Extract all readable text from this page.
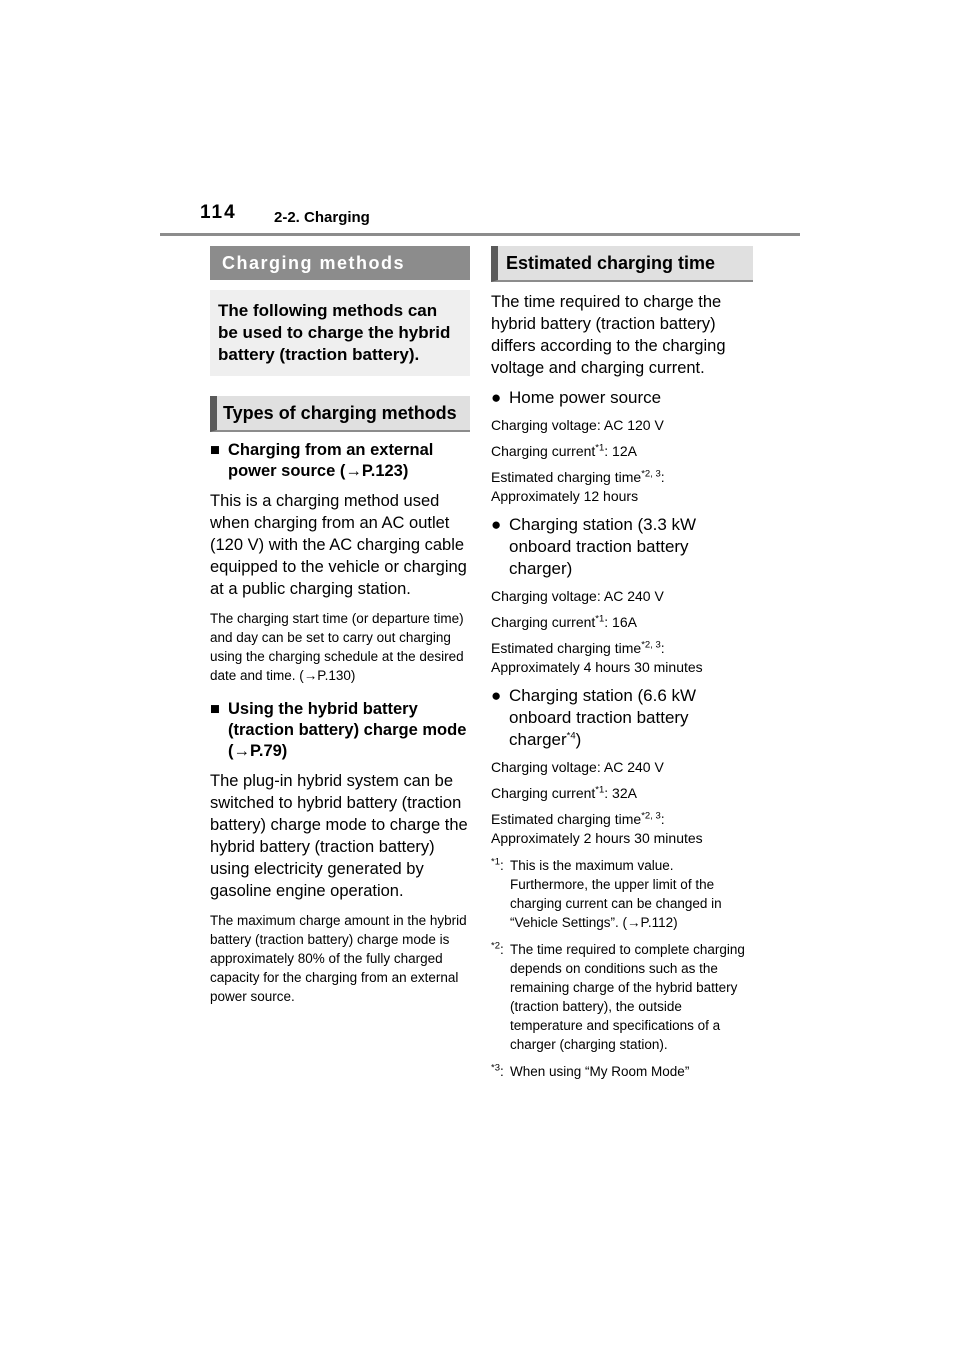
114 2-2. Charging
Charging methods
The following methods can be used to charge the hybrid battery (traction battery).
Types of charging methods
■ Charging from an external power source (→P.123)
This is a charging method used when charging from an AC outlet (120 V) with the AC charging cable equipped to the vehicle or charging at a public charging station.
The charging start time (or departure time) and day can be set to carry out charging using the charging schedule at the desired date and time. (→P.130)
■ Using the hybrid battery (traction battery) charge mode (→P.79)
The plug-in hybrid system can be switched to hybrid battery (traction battery) charge mode to charge the hybrid battery (traction battery) using electricity generated by gasoline engine operation.
The maximum charge amount in the hybrid battery (traction battery) charge mode is approximately 80% of the fully charged capacity for the charging from an external power source.
Estimated charging time
The time required to charge the hybrid battery (traction battery) differs according to the charging voltage and charging current.
● Home power source
Charging voltage: AC 120 V
Charging current$^{*1}$: 12A
Estimated charging time$^{*2, 3}$:
Approximately 12 hours
● Charging station (3.3 kW onboard traction battery charger)
Charging voltage: AC 240 V
Charging current$^{*1}$: 16A
Estimated charging time$^{*2, 3}$:
Approximately 4 hours 30 minutes
● Charging station (6.6 kW onboard traction battery charger$^{*4}$)
Charging voltage: AC 240 V
Charging current$^{*1}$: 32A
Estimated charging time$^{*2, 3}$:
Approximately 2 hours 30 minutes
$^{*1}$: This is the maximum value. Furthermore, the upper limit of the charging current can be changed in “Vehicle Settings”. (→P.112)
$^{*2}$: The time required to complete charging depends on conditions such as the remaining charge of the hybrid battery (traction battery), the outside temperature and specifications of a charger (charging station).
$^{*3}$: When using “My Room Mode”
